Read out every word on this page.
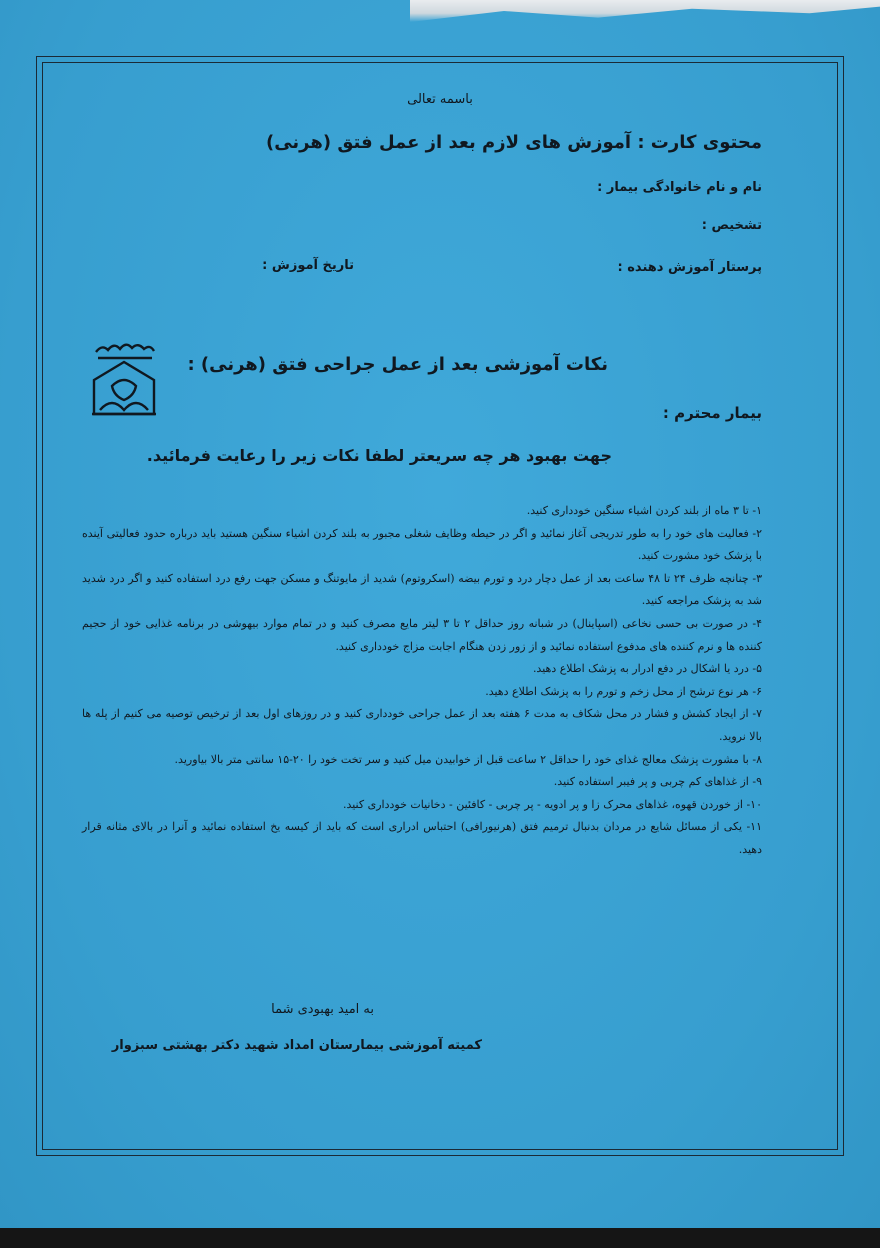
باسمه تعالی
محتوی کارت : آموزش های لازم بعد از عمل فتق (هرنی)
نام و نام خانوادگی بیمار :
تشخیص :
پرستار آموزش دهنده :
تاریخ آموزش :
نکات آموزشی بعد از عمل جراحی فتق (هرنی) :
بیمار محترم :
جهت بهبود هر چه سریعتر لطفا نکات زیر را رعایت فرمائید.

۱- تا ۳ ماه از بلند کردن اشیاء سنگین خودداری کنید.

۲- فعالیت های خود را به طور تدریجی آغاز نمائید و اگر در حیطه وظایف شغلی مجبور به بلند کردن اشیاء سنگین هستید باید درباره حدود فعالیتی آینده با پزشک خود مشورت کنید.

۳- چنانچه ظرف ۲۴ تا ۴۸ ساعت بعد از عمل دچار درد و تورم بیضه (اسکروتوم) شدید از مایوتنگ و مسکن جهت رفع درد استفاده کنید و اگر درد شدید شد به پزشک مراجعه کنید.

۴- در صورت بی حسی نخاعی (اسپاینال) در شبانه روز حداقل ۲ تا ۳ لیتر مایع مصرف کنید و در تمام موارد بیهوشی در برنامه غذایی خود از حجیم کننده ها و نرم کننده های مدفوع استفاده نمائید و از زور زدن هنگام اجابت مزاج خودداری کنید.

۵- درد یا اشکال در دفع ادرار به پزشک اطلاع دهید.

۶- هر نوع ترشح از محل زخم و تورم را به پزشک اطلاع دهید.

۷- از ایجاد کشش و فشار در محل شکاف به مدت ۶ هفته بعد از عمل جراحی خودداری کنید و در روزهای اول بعد از ترخیص توصیه می کنیم از پله ها بالا نروید.

۸- با مشورت پزشک معالج غذای خود را حداقل ۲ ساعت قبل از خوابیدن میل کنید و سر تخت خود را ۲۰-۱۵ سانتی متر بالا بیاورید.

۹- از غذاهای کم چربی و پر فیبر استفاده کنید.

۱۰- از خوردن قهوه، غذاهای محرک زا و پر ادویه - پر چربی - کافئین - دخانیات خودداری کنید.

۱۱- یکی از مسائل شایع در مردان بدنبال ترمیم فتق (هرنیورافی) احتباس ادراری است که باید از کیسه یخ استفاده نمائید و آنرا در بالای مثانه قرار دهید.

به امید بهبودی شما
کمیته آموزشی بیمارستان امداد شهید دکتر بهشتی سبزوار
